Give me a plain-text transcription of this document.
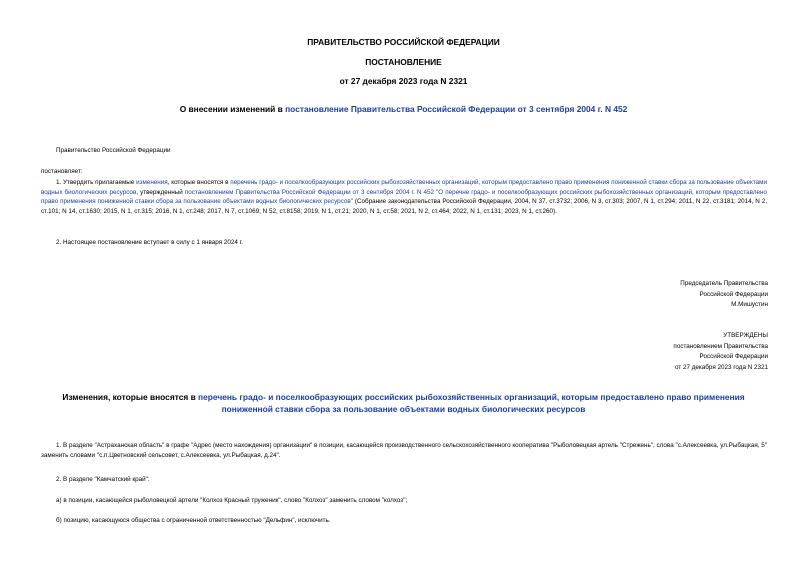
ПРАВИТЕЛЬСТВО РОССИЙСКОЙ ФЕДЕРАЦИИ
ПОСТАНОВЛЕНИЕ
от 27 декабря 2023 года N 2321
О внесении изменений в постановление Правительства Российской Федерации от 3 сентября 2004 г. N 452
Правительство Российской Федерации
постановляет:
1. Утвердить прилагаемые изменения, которые вносятся в перечень градо- и поселкообразующих российских рыбохозяйственных организаций, которым предоставлено право применения пониженной ставки сбора за пользование объектами водных биологических ресурсов, утвержденный постановлением Правительства Российской Федерации от 3 сентября 2004 г. N 452 "О перечне градо- и поселкообразующих российских рыбохозяйственных организаций, которым предоставлено право применения пониженной ставки сбора за пользование объектами водных биологических ресурсов" (Собрание законодательства Российской Федерации, 2004, N 37, ст.3732; 2006, N 3, ст.303; 2007, N 1, ст.294; 2011, N 22, ст.3181; 2014, N 2, ст.101; N 14, ст.1630; 2015, N 1, ст.315; 2016, N 1, ст.248; 2017, N 7, ст.1069; N 52, ст.8158; 2019, N 1, ст.21; 2020, N 1, ст.58; 2021, N 2, ст.464; 2022, N 1, ст.131; 2023, N 1, ст.260).
2. Настоящее постановление вступает в силу с 1 января 2024 г.
Председатель Правительства
Российской Федерации
М.Мишустин
УТВЕРЖДЕНЫ
постановлением Правительства
Российской Федерации
от 27 декабря 2023 года N 2321
Изменения, которые вносятся в перечень градо- и поселкообразующих российских рыбохозяйственных организаций, которым предоставлено право применения пониженной ставки сбора за пользование объектами водных биологических ресурсов
1. В разделе "Астраханская область" в графе "Адрес (место нахождения) организации" в позиции, касающейся производственного сельскохозяйственного кооператива "Рыболовецкая артель "Стрежень", слова "с.Алексеевка, ул.Рыбацкая, 5" заменить словами "с.п.Цветновский сельсовет, с.Алексеевка, ул.Рыбацкая, д.24".
2. В разделе "Камчатский край":
а) в позиции, касающейся рыболовецкой артели "Колхоз Красный труженик", слово "Колхоз" заменить словом "колхоз";
б) позицию, касающуюся общества с ограниченной ответственностью "Дельфин", исключить.
